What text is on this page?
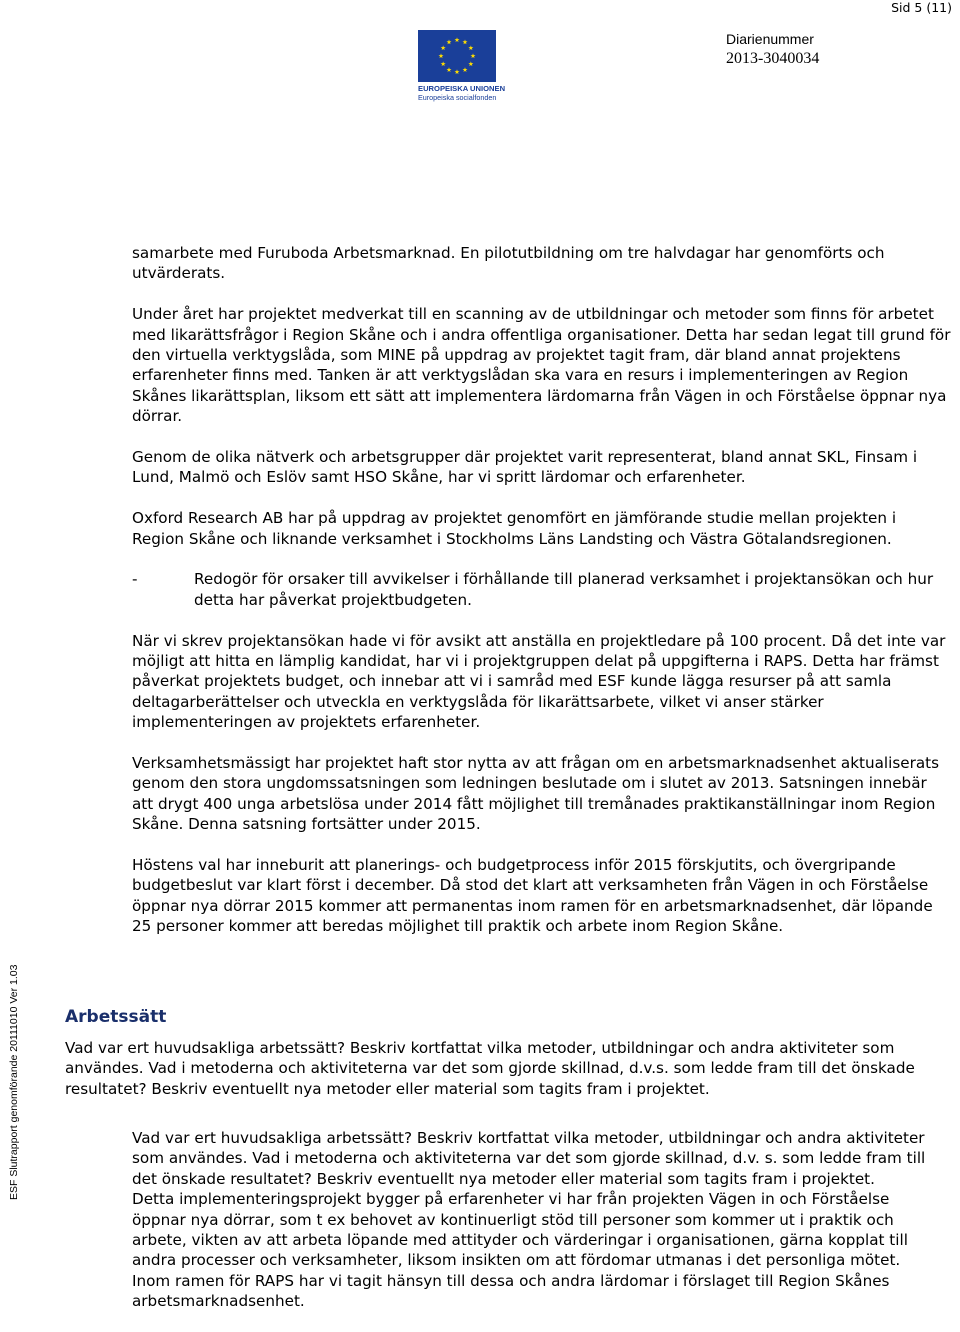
Sid 5 (11)
EUROPEISKA UNIONEN
Europeiska socialfonden
Diarienummer
2013-3040034
ESF Slutrapport genomförande 20111010 Ver 1.03

samarbete med Furuboda Arbetsmarknad. En pilotutbildning om tre halvdagar har genomförts och utvärderats.

Under året har projektet medverkat till en scanning av de utbildningar och metoder som finns för arbetet med likarättsfrågor i Region Skåne och i andra offentliga organisationer. Detta har sedan legat till grund för den virtuella verktygslåda, som MINE på uppdrag av projektet tagit fram, där bland annat projektens erfarenheter finns med. Tanken är att verktygslådan ska vara en resurs i implementeringen av Region Skånes likarättsplan, liksom ett sätt att implementera lärdomarna från Vägen in och Förståelse öppnar nya dörrar.

Genom de olika nätverk och arbetsgrupper där projektet varit representerat, bland annat SKL, Finsam i Lund, Malmö och Eslöv samt HSO Skåne, har vi spritt lärdomar och erfarenheter.

Oxford Research AB har på uppdrag av projektet genomfört en jämförande studie mellan projekten i Region Skåne och liknande verksamhet i Stockholms Läns Landsting och Västra Götalandsregionen.

-	Redogör för orsaker till avvikelser i förhållande till planerad verksamhet i projektansökan och hur detta har påverkat projektbudgeten.

När vi skrev projektansökan hade vi för avsikt att anställa en projektledare på 100 procent. Då det inte var möjligt att hitta en lämplig kandidat, har vi i projektgruppen delat på uppgifterna i RAPS. Detta har främst påverkat projektets budget, och innebar att vi i samråd med ESF kunde lägga resurser på att samla deltagarberättelser och utveckla en verktygslåda för likarättsarbete, vilket vi anser stärker implementeringen av projektets erfarenheter.

Verksamhetsmässigt har projektet haft stor nytta av att frågan om en arbetsmarknadsenhet aktualiserats genom den stora ungdomssatsningen som ledningen beslutade om i slutet av 2013. Satsningen innebär att drygt 400 unga arbetslösa under 2014 fått möjlighet till tremånades praktikanställningar inom Region Skåne. Denna satsning fortsätter under 2015.

Höstens val har inneburit att planerings- och budgetprocess inför 2015 förskjutits, och övergripande budgetbeslut var klart först i december. Då stod det klart att verksamheten från Vägen in och Förståelse öppnar nya dörrar 2015 kommer att permanentas inom ramen för en arbetsmarknadsenhet, där löpande 25 personer kommer att beredas möjlighet till praktik och arbete inom Region Skåne.

Arbetssätt
Vad var ert huvudsakliga arbetssätt? Beskriv kortfattat vilka metoder, utbildningar och andra aktiviteter som användes. Vad i metoderna och aktiviteterna var det som gjorde skillnad, d.v.s. som ledde fram till det önskade resultatet? Beskriv eventuellt nya metoder eller material som tagits fram i projektet.

Vad var ert huvudsakliga arbetssätt? Beskriv kortfattat vilka metoder, utbildningar och andra aktiviteter som användes. Vad i metoderna och aktiviteterna var det som gjorde skillnad, d.v. s. som ledde fram till det önskade resultatet? Beskriv eventuellt nya metoder eller material som tagits fram i projektet.

Detta implementeringsprojekt bygger på erfarenheter vi har från projekten Vägen in och Förståelse öppnar nya dörrar, som t ex behovet av kontinuerligt stöd till personer som kommer ut i praktik och arbete, vikten av att arbeta löpande med attityder och värderingar i organisationen, gärna kopplat till andra processer och verksamheter, liksom insikten om att fördomar utmanas i det personliga mötet. Inom ramen för RAPS har vi tagit hänsyn till dessa och andra lärdomar i förslaget till Region Skånes arbetsmarknadsenhet.
